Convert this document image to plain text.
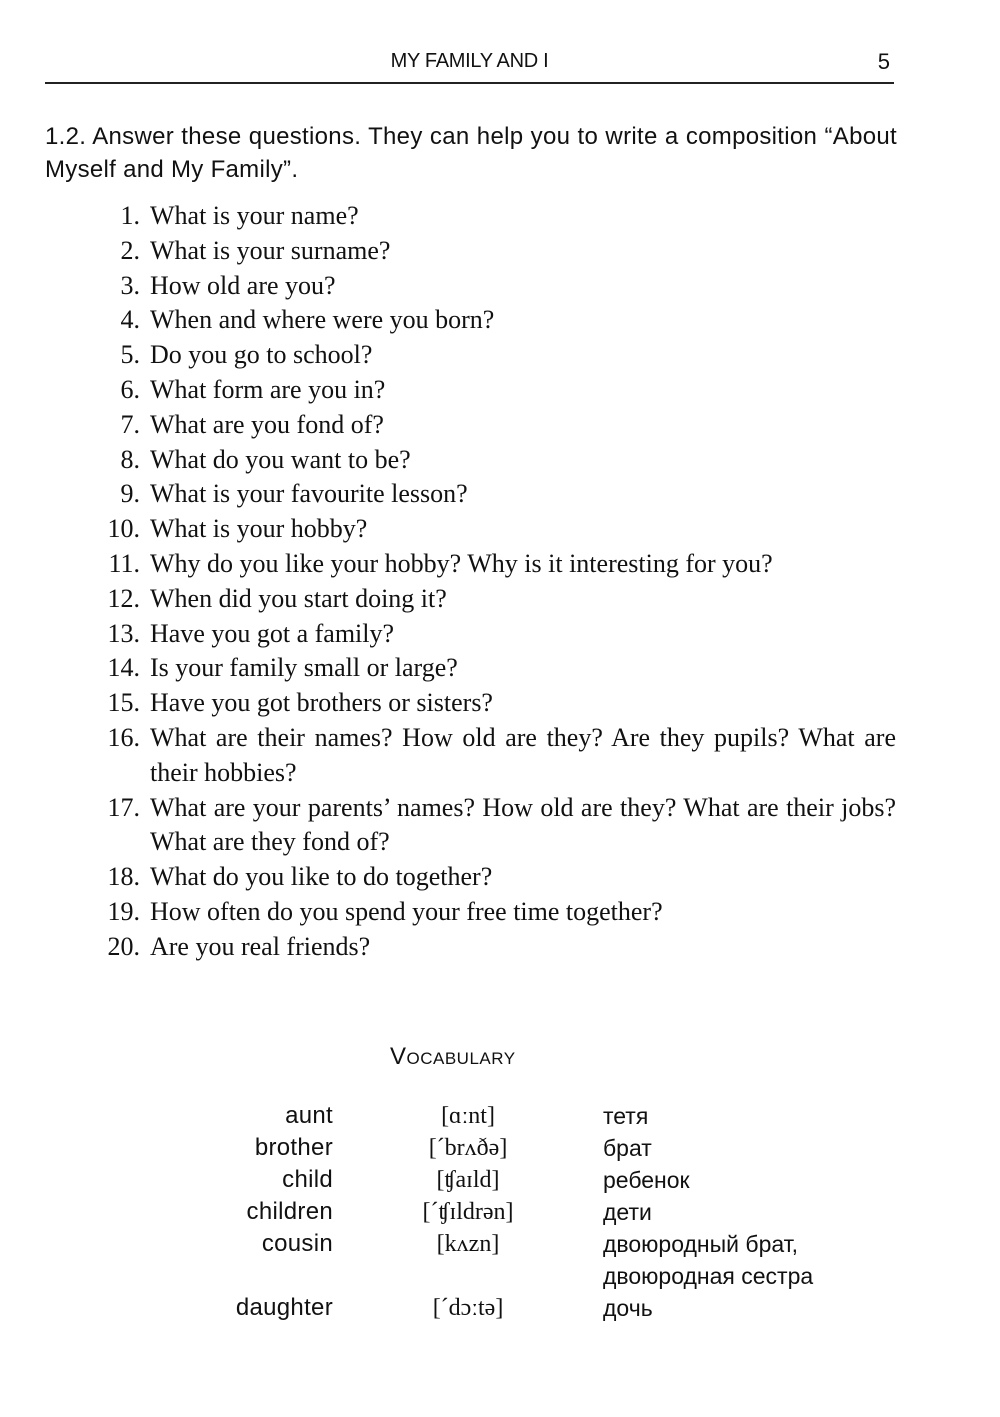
MY FAMILY AND I	5
1.2. Answer these questions. They can help you to write a composition “About Myself and My Family”.
1. What is your name?
2. What is your surname?
3. How old are you?
4. When and where were you born?
5. Do you go to school?
6. What form are you in?
7. What are you fond of?
8. What do you want to be?
9. What is your favourite lesson?
10. What is your hobby?
11. Why do you like your hobby? Why is it interesting for you?
12. When did you start doing it?
13. Have you got a family?
14. Is your family small or large?
15. Have you got brothers or sisters?
16. What are their names? How old are they? Are they pupils? What are their hobbies?
17. What are your parents’ names? How old are they? What are their jobs? What are they fond of?
18. What do you like to do together?
19. How often do you spend your free time together?
20. Are you real friends?
Vocabulary
aunt	[ɑːnt]	тетя
brother	[´brʌðə]	брат
child	[ʧaɪld]	ребенок
children	[´ʧɪldrən]	дети
cousin	[kʌzn]	двоюродный брат,
двоюродная сестра
daughter	[´dɔːtə]	дочь
